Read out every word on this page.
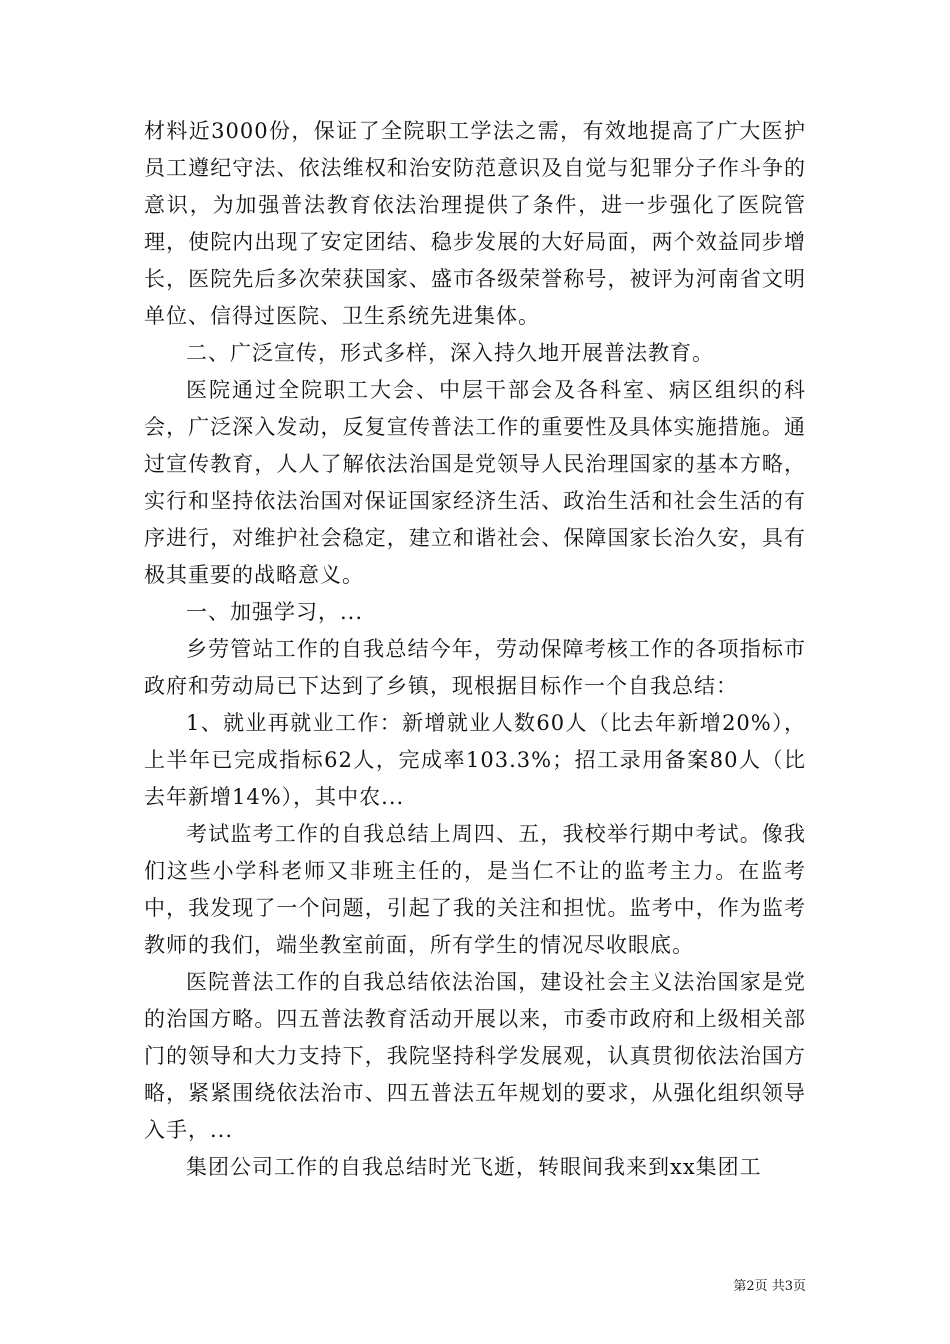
材料近3000份，保证了全院职工学法之需，有效地提高了广大医护员工遵纪守法、依法维权和治安防范意识及自觉与犯罪分子作斗争的意识，为加强普法教育依法治理提供了条件，进一步强化了医院管理，使院内出现了安定团结、稳步发展的大好局面，两个效益同步增长，医院先后多次荣获国家、盛市各级荣誉称号，被评为河南省文明单位、信得过医院、卫生系统先进集体。

二、广泛宣传，形式多样，深入持久地开展普法教育。

医院通过全院职工大会、中层干部会及各科室、病区组织的科会，广泛深入发动，反复宣传普法工作的重要性及具体实施措施。通过宣传教育，人人了解依法治国是党领导人民治理国家的基本方略，实行和坚持依法治国对保证国家经济生活、政治生活和社会生活的有序进行，对维护社会稳定，建立和谐社会、保障国家长治久安，具有极其重要的战略意义。

一、加强学习，...

乡劳管站工作的自我总结今年，劳动保障考核工作的各项指标市政府和劳动局已下达到了乡镇，现根据目标作一个自我总结：

1、就业再就业工作：新增就业人数60人（比去年新增20%），上半年已完成指标62人，完成率103.3%；招工录用备案80人（比去年新增14%），其中农...

考试监考工作的自我总结上周四、五，我校举行期中考试。像我们这些小学科老师又非班主任的，是当仁不让的监考主力。在监考中，我发现了一个问题，引起了我的关注和担忧。监考中，作为监考教师的我们，端坐教室前面，所有学生的情况尽收眼底。

医院普法工作的自我总结依法治国，建设社会主义法治国家是党的治国方略。四五普法教育活动开展以来，市委市政府和上级相关部门的领导和大力支持下，我院坚持科学发展观，认真贯彻依法治国方略，紧紧围绕依法治市、四五普法五年规划的要求，从强化组织领导入手，...

集团公司工作的自我总结时光飞逝，转眼间我来到xx集团工

第2页 共3页
